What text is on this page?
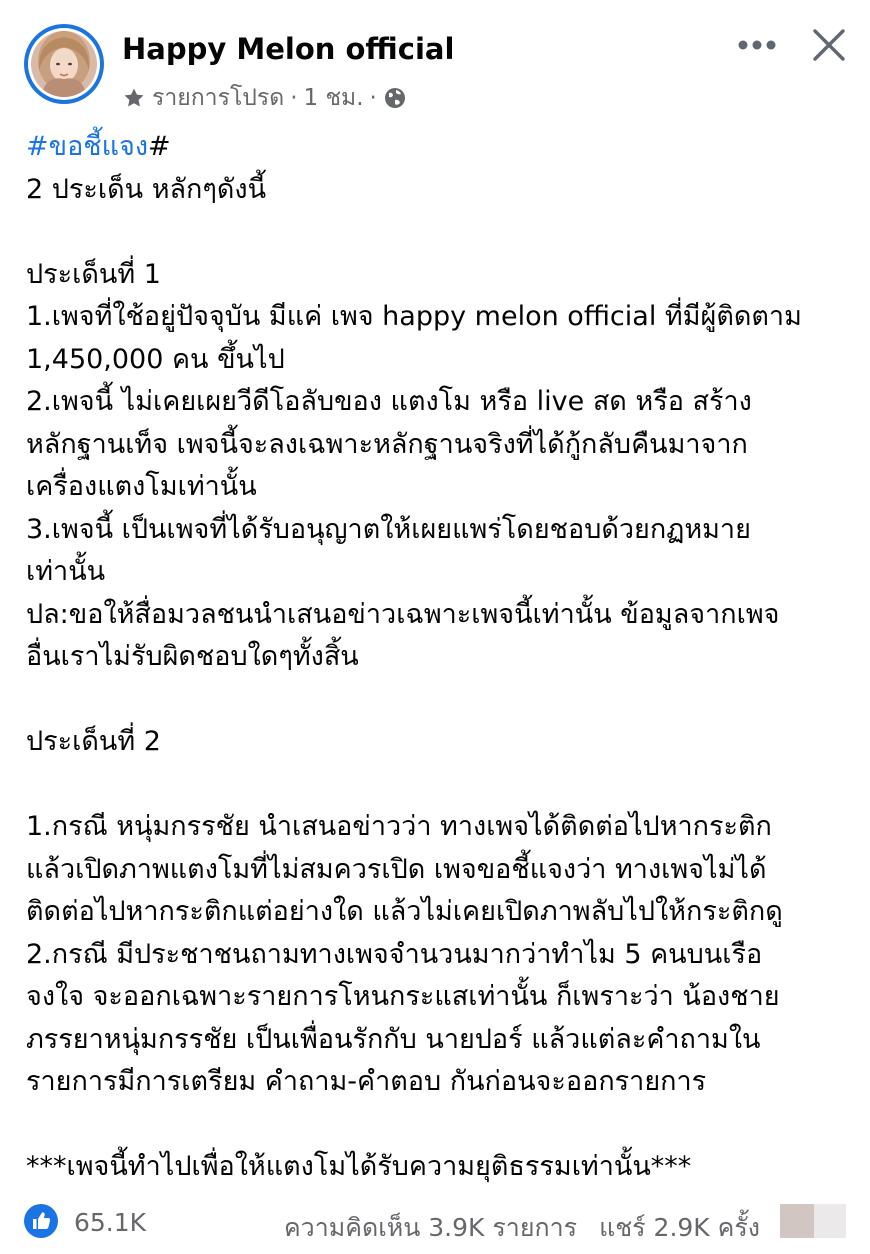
Happy Melon official
รายการโปรด · 1 ชม. ·
#ขอชี้แจง#
2 ประเด็น หลักๆดังนี้
ประเด็นที่ 1
1.เพจที่ใช้อยู่ปัจจุบัน มีแค่ เพจ happy melon official ที่มีผู้ติดตาม
1,450,000 คน ขึ้นไป
2.เพจนี้ ไม่เคยเผยวีดีโอลับของ แตงโม หรือ live สด หรือ สร้าง
หลักฐานเท็จ เพจนี้จะลงเฉพาะหลักฐานจริงที่ได้กู้กลับคืนมาจาก
เครื่องแตงโมเท่านั้น
3.เพจนี้ เป็นเพจที่ได้รับอนุญาตให้เผยแพร่โดยชอบด้วยกฏหมาย
เท่านั้น
ปล:ขอให้สื่อมวลชนนำเสนอข่าวเฉพาะเพจนี้เท่านั้น ข้อมูลจากเพจ
อื่นเราไม่รับผิดชอบใดๆทั้งสิ้น
ประเด็นที่ 2
1.กรณี หนุ่มกรรชัย นำเสนอข่าวว่า ทางเพจได้ติดต่อไปหากระติก
แล้วเปิดภาพแตงโมที่ไม่สมควรเปิด เพจขอชี้แจงว่า ทางเพจไม่ได้
ติดต่อไปหากระติกแต่อย่างใด แล้วไม่เคยเปิดภาพลับไปให้กระติกดู
2.กรณี มีประชาชนถามทางเพจจำนวนมากว่าทำไม 5 คนบนเรือ
จงใจ จะออกเฉพาะรายการโหนกระแสเท่านั้น ก็เพราะว่า น้องชาย
ภรรยาหนุ่มกรรชัย เป็นเพื่อนรักกับ นายปอร์ แล้วแต่ละคำถามใน
รายการมีการเตรียม คำถาม-คำตอบ กันก่อนจะออกรายการ
***เพจนี้ทำไปเพื่อให้แตงโมได้รับความยุติธรรมเท่านั้น***
65.1K	ความคิดเห็น 3.9K รายการ แชร์ 2.9K ครั้ง
